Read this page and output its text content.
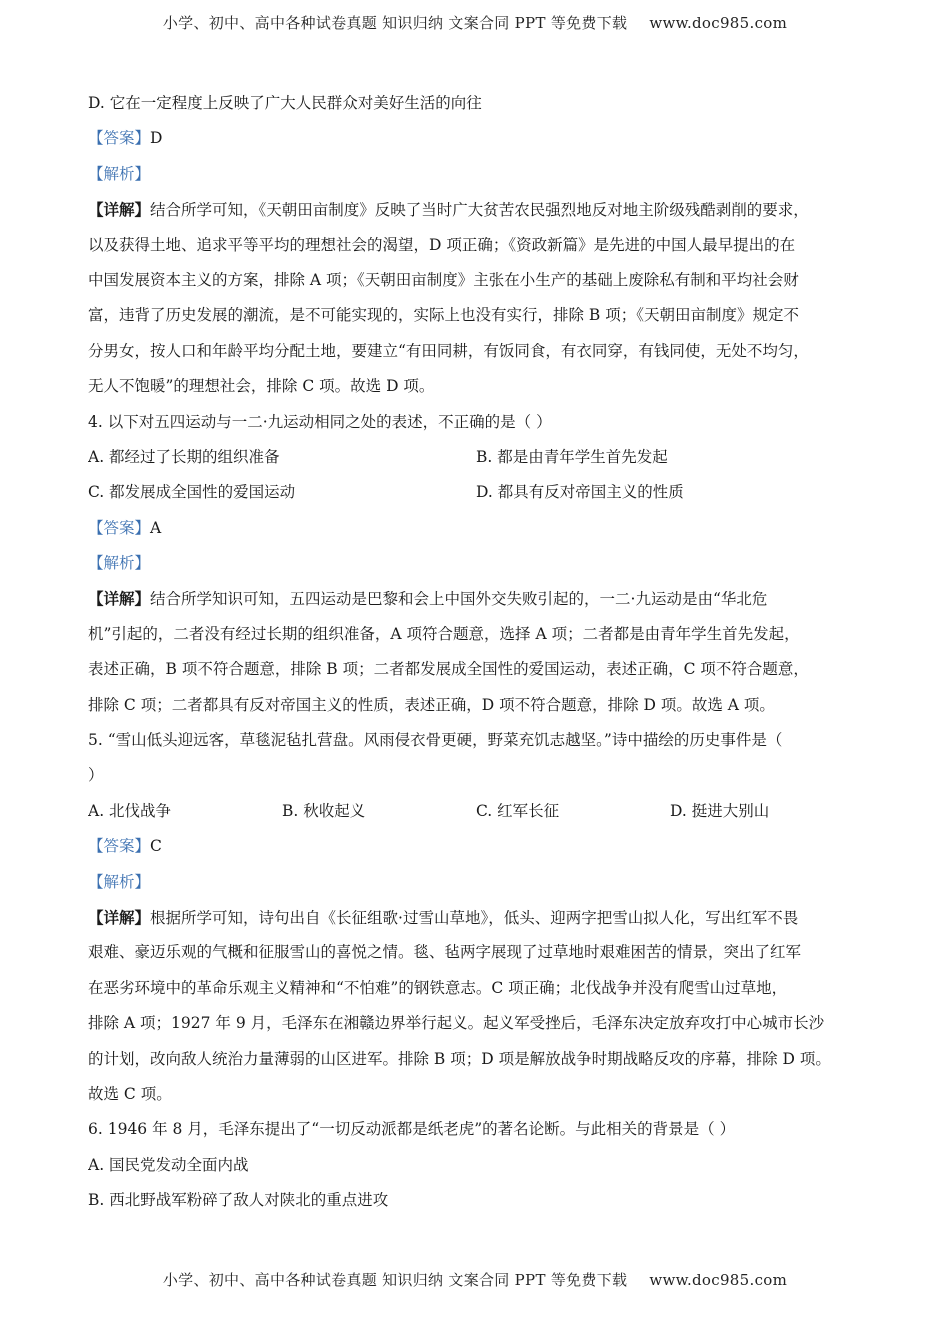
小学、初中、高中各种试卷真题 知识归纳 文案合同 PPT 等免费下载 www.doc985.com
D. 它在一定程度上反映了广大人民群众对美好生活的向往
【答案】D
【解析】
【详解】结合所学可知，《天朝田亩制度》反映了当时广大贫苦农民强烈地反对地主阶级残酷剥削的要求，
以及获得土地、追求平等平均的理想社会的渴望，D 项正确；《资政新篇》是先进的中国人最早提出的在
中国发展资本主义的方案，排除 A 项；《天朝田亩制度》主张在小生产的基础上废除私有制和平均社会财
富，违背了历史发展的潮流，是不可能实现的，实际上也没有实行，排除 B 项；《天朝田亩制度》规定不
分男女，按人口和年龄平均分配土地，要建立“有田同耕，有饭同食，有衣同穿，有钱同使，无处不均匀，
无人不饱暖”的理想社会，排除 C 项。故选 D 项。
4. 以下对五四运动与一二·九运动相同之处的表述，不正确的是（ ）
A. 都经过了长期的组织准备	B. 都是由青年学生首先发起
C. 都发展成全国性的爱国运动	D. 都具有反对帝国主义的性质
【答案】A
【解析】
【详解】结合所学知识可知，五四运动是巴黎和会上中国外交失败引起的，一二·九运动是由“华北危
机”引起的，二者没有经过长期的组织准备，A 项符合题意，选择 A 项；二者都是由青年学生首先发起，
表述正确，B 项不符合题意，排除 B 项；二者都发展成全国性的爱国运动，表述正确，C 项不符合题意，
排除 C 项；二者都具有反对帝国主义的性质，表述正确，D 项不符合题意，排除 D 项。故选 A 项。
5. “雪山低头迎远客，草毯泥毡扎营盘。风雨侵衣骨更硬，野菜充饥志越坚。”诗中描绘的历史事件是（
）
A. 北伐战争	B. 秋收起义	C. 红军长征	D. 挺进大别山
【答案】C
【解析】
【详解】根据所学可知，诗句出自《长征组歌·过雪山草地》，低头、迎两字把雪山拟人化，写出红军不畏
艰难、豪迈乐观的气概和征服雪山的喜悦之情。毯、毡两字展现了过草地时艰难困苦的情景，突出了红军
在恶劣环境中的革命乐观主义精神和“不怕难”的钢铁意志。C 项正确；北伐战争并没有爬雪山过草地，
排除 A 项；1927 年 9 月，毛泽东在湘赣边界举行起义。起义军受挫后，毛泽东决定放弃攻打中心城市长沙
的计划，改向敌人统治力量薄弱的山区进军。排除 B 项；D 项是解放战争时期战略反攻的序幕，排除 D 项。
故选 C 项。
6. 1946 年 8 月，毛泽东提出了“一切反动派都是纸老虎”的著名论断。与此相关的背景是（ ）
A. 国民党发动全面内战
B. 西北野战军粉碎了敌人对陕北的重点进攻
小学、初中、高中各种试卷真题 知识归纳 文案合同 PPT 等免费下载 www.doc985.com
